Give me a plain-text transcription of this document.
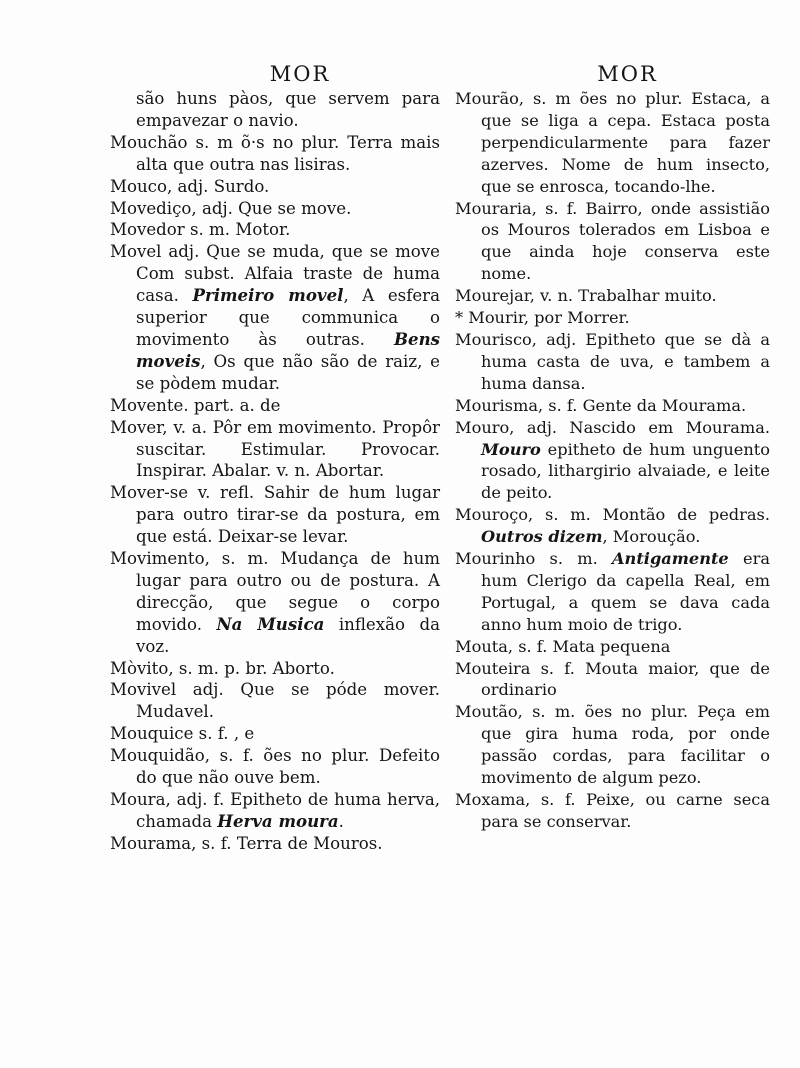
MOR

são huns pàos, que servem para empavezar o navio.

Mouchão s. m õ·s no plur. Terra mais alta que outra nas lisiras.

Mouco, adj. Surdo.

Movediço, adj. Que se move.

Movedor s. m. Motor.

Movel adj. Que se muda, que se move Com subst. Alfaia traste de huma casa. Primeiro movel, A esfera superior que communica o movimento às outras. Bens moveis, Os que não são de raiz, e se pòdem mudar.

Movente. part. a. de

Mover, v. a. Pôr em movimento. Propôr suscitar. Estimular. Provocar. Inspirar. Abalar. v. n. Abortar.

Mover-se v. refl. Sahir de hum lugar para outro tirar-se da postura, em que está. Deixar-se levar.

Movimento, s. m. Mudança de hum lugar para outro ou de postura. A direcção, que segue o corpo movido. Na Musica inflexão da voz.

Mòvito, s. m. p. br. Aborto.

Movivel adj. Que se póde mover. Mudavel.

Mouquice s. f. , e

Mouquidão, s. f. ões no plur. Defeito do que não ouve bem.

Moura, adj. f. Epitheto de huma herva, chamada Herva moura.

Mourama, s. f. Terra de Mouros.

MOR

Mourão, s. m ões no plur. Estaca, a que se liga a cepa. Estaca posta perpendicularmente para fazer azerves. Nome de hum insecto, que se enrosca, tocando-lhe.

Mouraria, s. f. Bairro, onde assistião os Mouros tolerados em Lisboa e que ainda hoje conserva este nome.

Mourejar, v. n. Trabalhar muito.

* Mourir, por Morrer.

Mourisco, adj. Epitheto que se dà a huma casta de uva, e tambem a huma dansa.

Mourisma, s. f. Gente da Mourama.

Mouro, adj. Nascido em Mourama. Mouro epitheto de hum unguento rosado, lithargirio alvaiade, e leite de peito.

Mouroço, s. m. Montão de pedras. Outros dizem, Moroução.

Mourinho s. m. Antigamente era hum Clerigo da capella Real, em Portugal, a quem se dava cada anno hum moio de trigo.

Mouta, s. f. Mata pequena

Mouteira s. f. Mouta maior, que de ordinario

Moutão, s. m. ões no plur. Peça em que gira huma roda, por onde passão cordas, para facilitar o movimento de algum pezo.

Moxama, s. f. Peixe, ou carne seca para se conservar.
